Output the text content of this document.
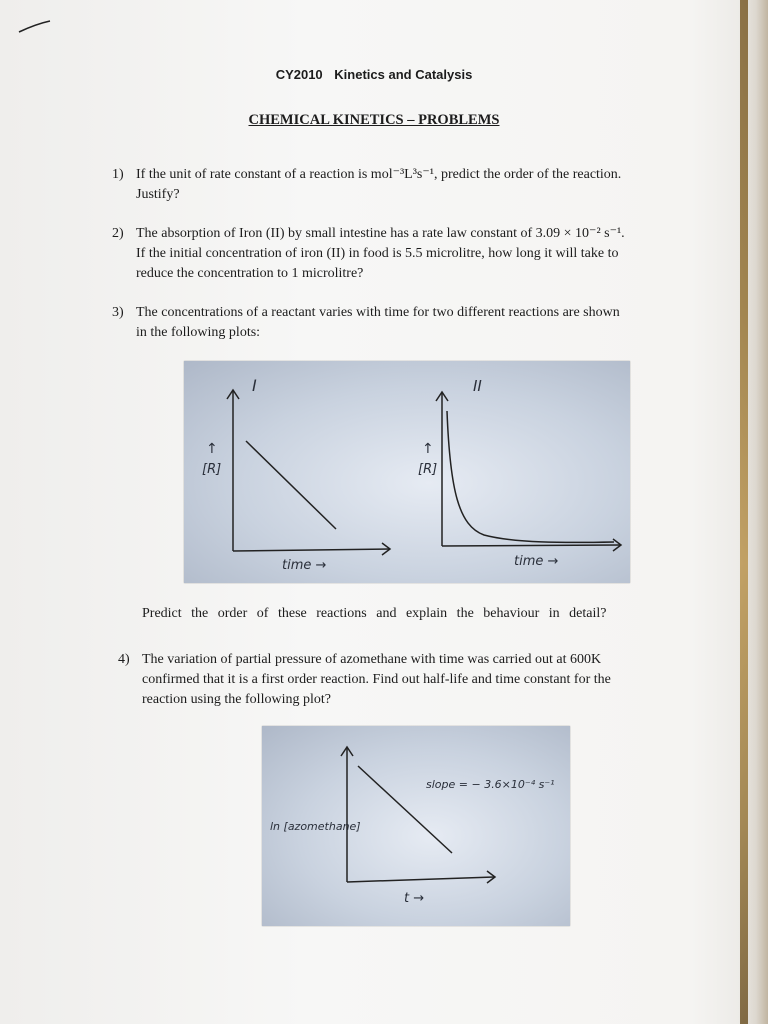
CY2010 Kinetics and Catalysis
CHEMICAL KINETICS – PROBLEMS
1) If the unit of rate constant of a reaction is mol⁻³L³s⁻¹, predict the order of the reaction.
Justify?
2) The absorption of Iron (II) by small intestine has a rate law constant of 3.09 × 10⁻² s⁻¹.
If the initial concentration of iron (II) in food is 5.5 microlitre, how long it will take to
reduce the concentration to 1 microlitre?
3) The concentrations of a reactant varies with time for two different reactions are shown
in the following plots:
I
↑
[R]
time →
II
↑
[R]
time →
Predict the order of these reactions and explain the behaviour in detail?
4) The variation of partial pressure of azomethane with time was carried out at 600K
confirmed that it is a first order reaction. Find out half-life and time constant for the
reaction using the following plot?
slope = − 3.6×10⁻⁴ s⁻¹
ln [azomethane]
t →
